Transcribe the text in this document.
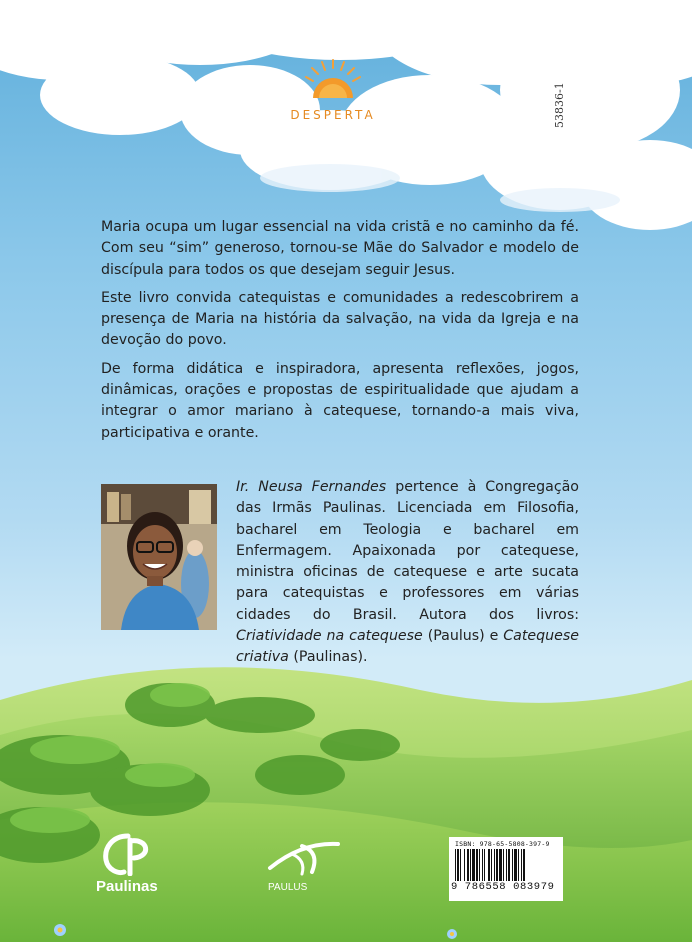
DESPERTA	53836-1

Maria ocupa um lugar essencial na vida cristã e no caminho da fé. Com seu “sim” generoso, tornou-se Mãe do Salvador e modelo de discípula para todos os que desejam seguir Jesus.

Este livro convida catequistas e comunidades a redescobrirem a presença de Maria na história da salvação, na vida da Igreja e na devoção do povo.

De forma didática e inspiradora, apresenta reflexões, jogos, dinâmicas, orações e propostas de espiritualidade que ajudam a integrar o amor mariano à catequese, tornando-a mais viva, participativa e orante.

Ir. Neusa Fernandes pertence à Congregação das Irmãs Paulinas. Licenciada em Filosofia, bacharel em Teologia e bacharel em Enfermagem. Apaixonada por catequese, ministra oficinas de catequese e arte sucata para catequistas e professores em várias cidades do Brasil. Autora dos livros: Criatividade na catequese (Paulus) e Catequese criativa (Paulinas).
Paulinas	PAULUS
ISBN: 978-65-5808-397-9
9 786558 083979
